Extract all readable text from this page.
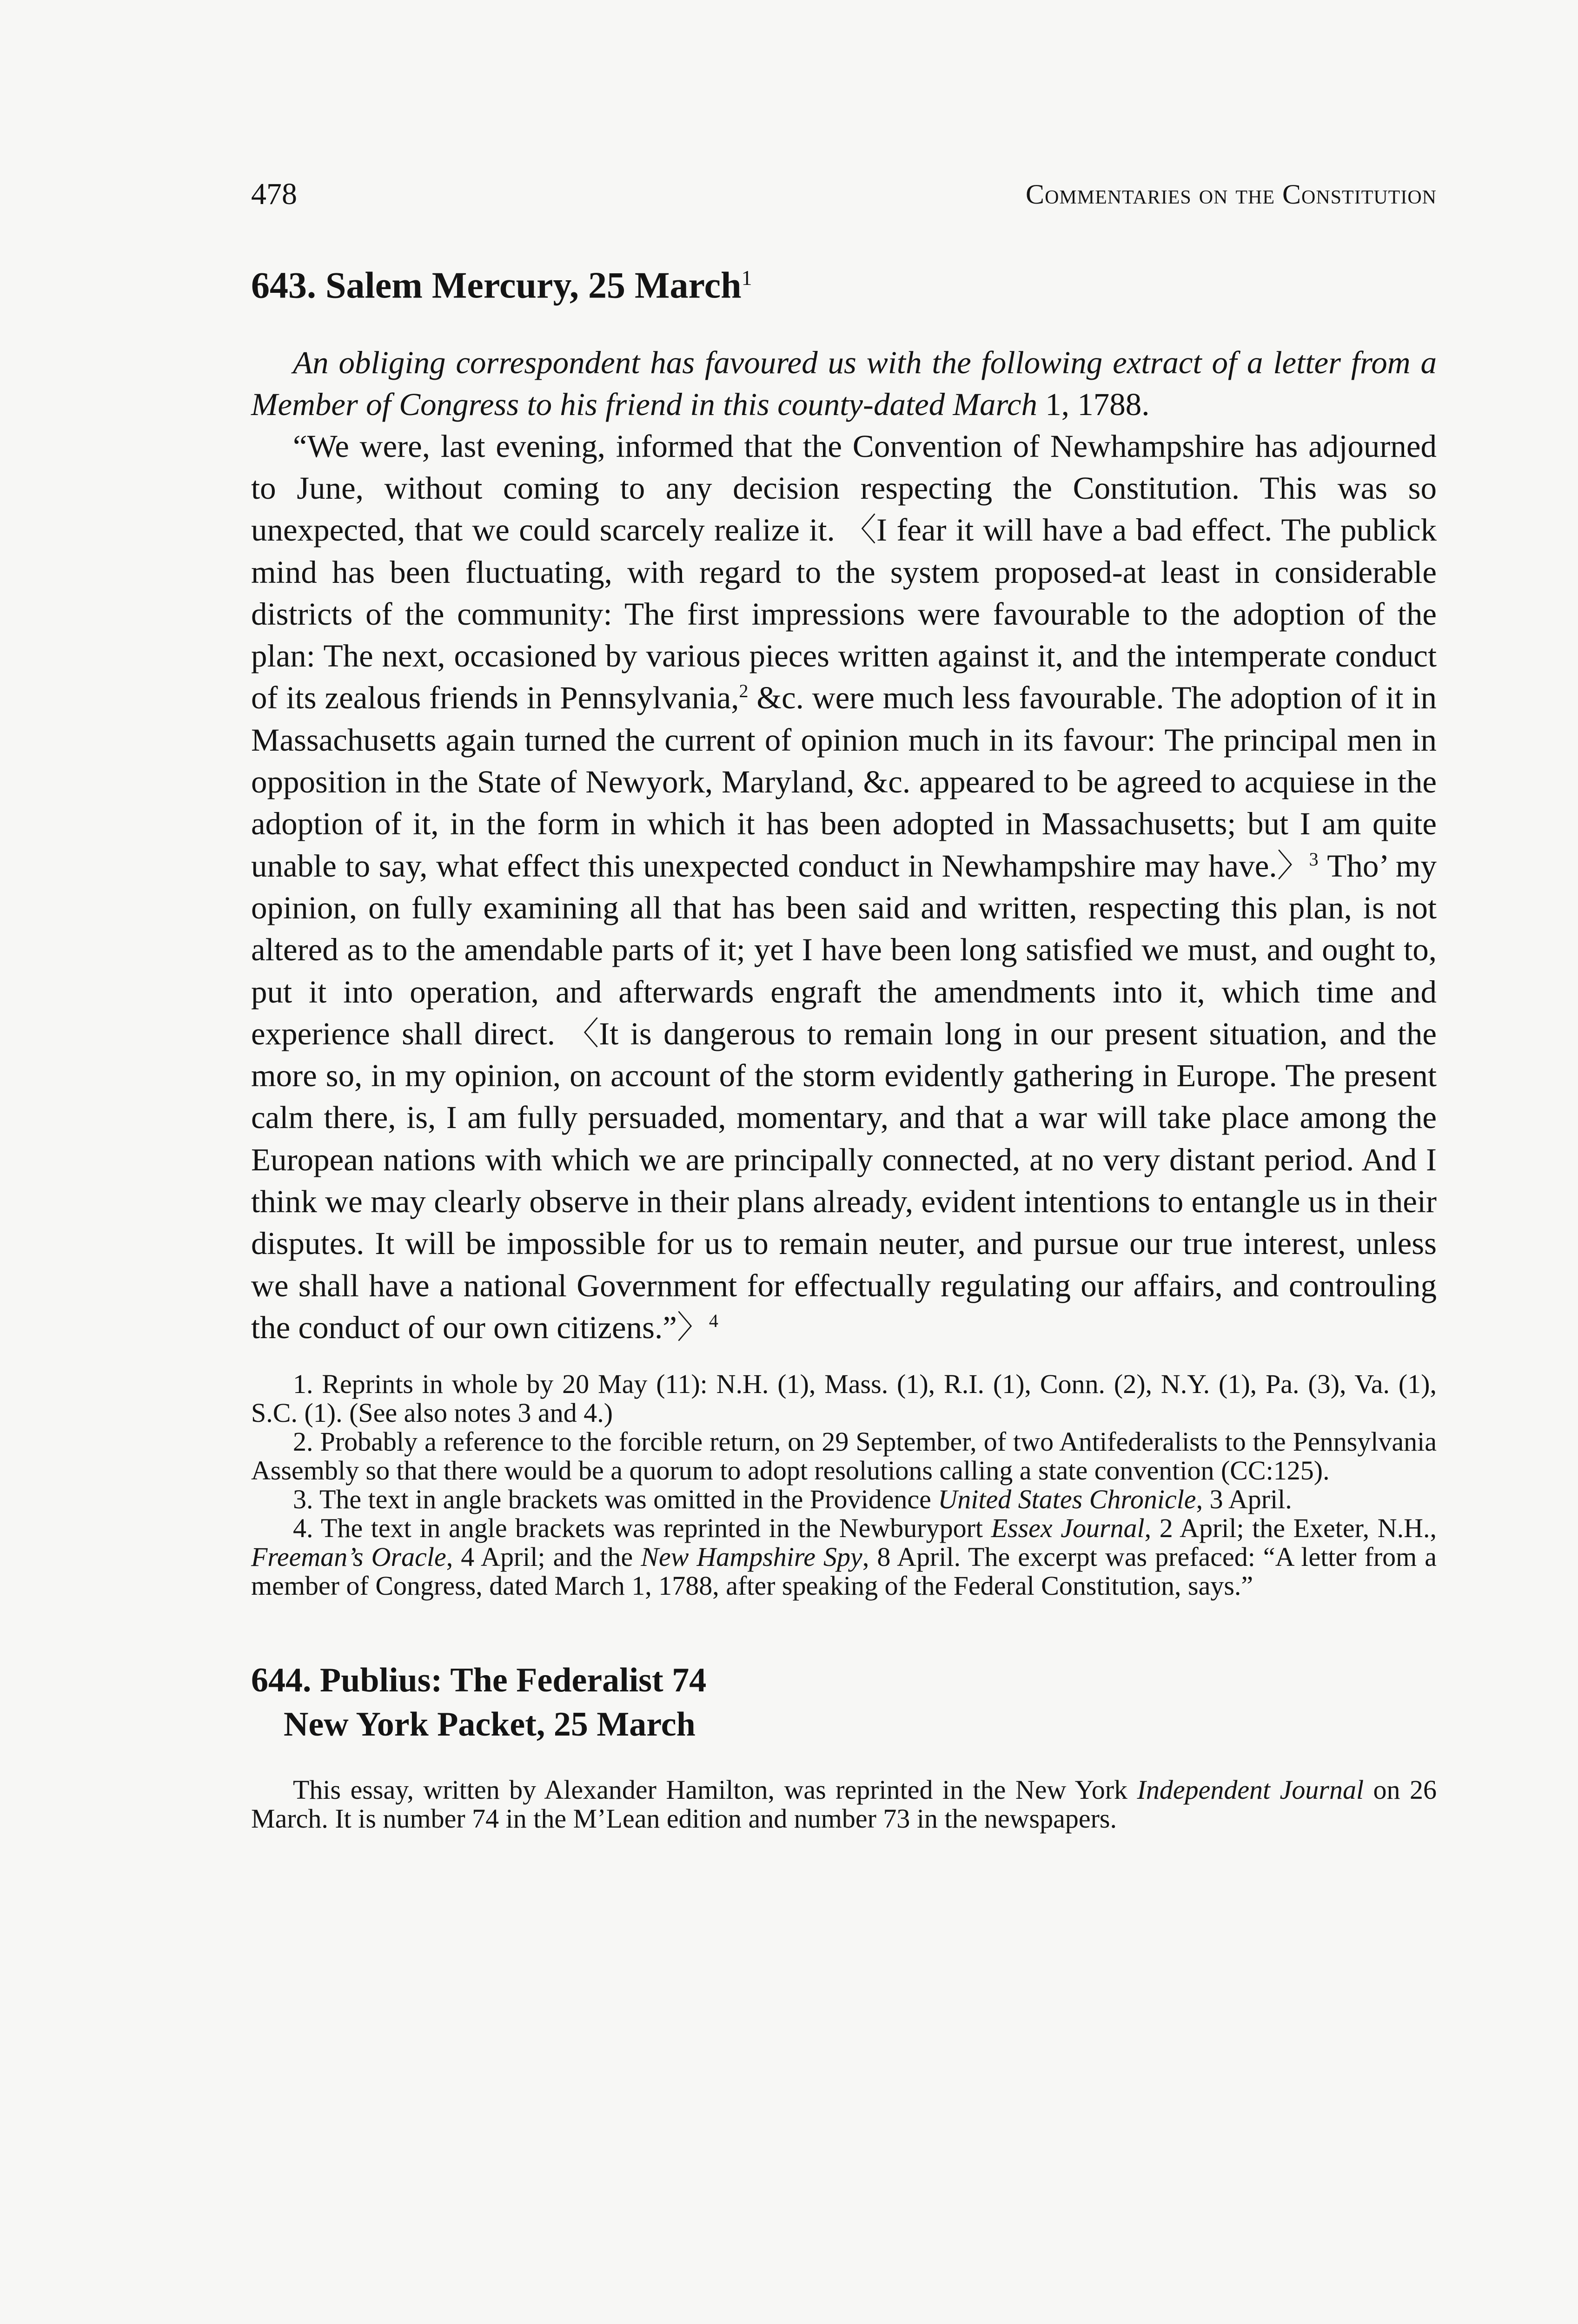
478	Commentaries on the Constitution
643. Salem Mercury, 25 March$^1$

An obliging correspondent has favoured us with the following extract of a letter from a Member of Congress to his friend in this county-dated March 1, 1788.

“We were, last evening, informed that the Convention of Newhampshire has adjourned to June, without coming to any decision respecting the Constitution. This was so unexpected, that we could scarcely realize it. 〈I fear it will have a bad effect. The publick mind has been fluctuating, with regard to the system proposed-at least in considerable districts of the community: The first impressions were favourable to the adoption of the plan: The next, occasioned by various pieces written against it, and the intemperate conduct of its zealous friends in Pennsylvania,$^2$ &c. were much less favourable. The adoption of it in Massachusetts again turned the current of opinion much in its favour: The principal men in opposition in the State of Newyork, Maryland, &c. appeared to be agreed to acquiese in the adoption of it, in the form in which it has been adopted in Massachusetts; but I am quite unable to say, what effect this unexpected conduct in Newhampshire may have.〉$^3$ Tho’ my opinion, on fully examining all that has been said and written, respecting this plan, is not altered as to the amendable parts of it; yet I have been long satisfied we must, and ought to, put it into operation, and afterwards engraft the amendments into it, which time and experience shall direct. 〈It is dangerous to remain long in our present situation, and the more so, in my opinion, on account of the storm evidently gathering in Europe. The present calm there, is, I am fully persuaded, momentary, and that a war will take place among the European nations with which we are principally connected, at no very distant period. And I think we may clearly observe in their plans already, evident intentions to entangle us in their disputes. It will be impossible for us to remain neuter, and pursue our true interest, unless we shall have a national Government for effectually regulating our affairs, and controuling the conduct of our own citizens.”〉$^4$

1. Reprints in whole by 20 May (11): N.H. (1), Mass. (1), R.I. (1), Conn. (2), N.Y. (1), Pa. (3), Va. (1), S.C. (1). (See also notes 3 and 4.)

2. Probably a reference to the forcible return, on 29 September, of two Antifederalists to the Pennsylvania Assembly so that there would be a quorum to adopt resolutions calling a state convention (CC:125).

3. The text in angle brackets was omitted in the Providence United States Chronicle, 3 April.

4. The text in angle brackets was reprinted in the Newburyport Essex Journal, 2 April; the Exeter, N.H., Freeman’s Oracle, 4 April; and the New Hampshire Spy, 8 April. The excerpt was prefaced: “A letter from a member of Congress, dated March 1, 1788, after speaking of the Federal Constitution, says.”

644. Publius: The Federalist 74
New York Packet, 25 March

This essay, written by Alexander Hamilton, was reprinted in the New York Independent Journal on 26 March. It is number 74 in the M’Lean edition and number 73 in the newspapers.
